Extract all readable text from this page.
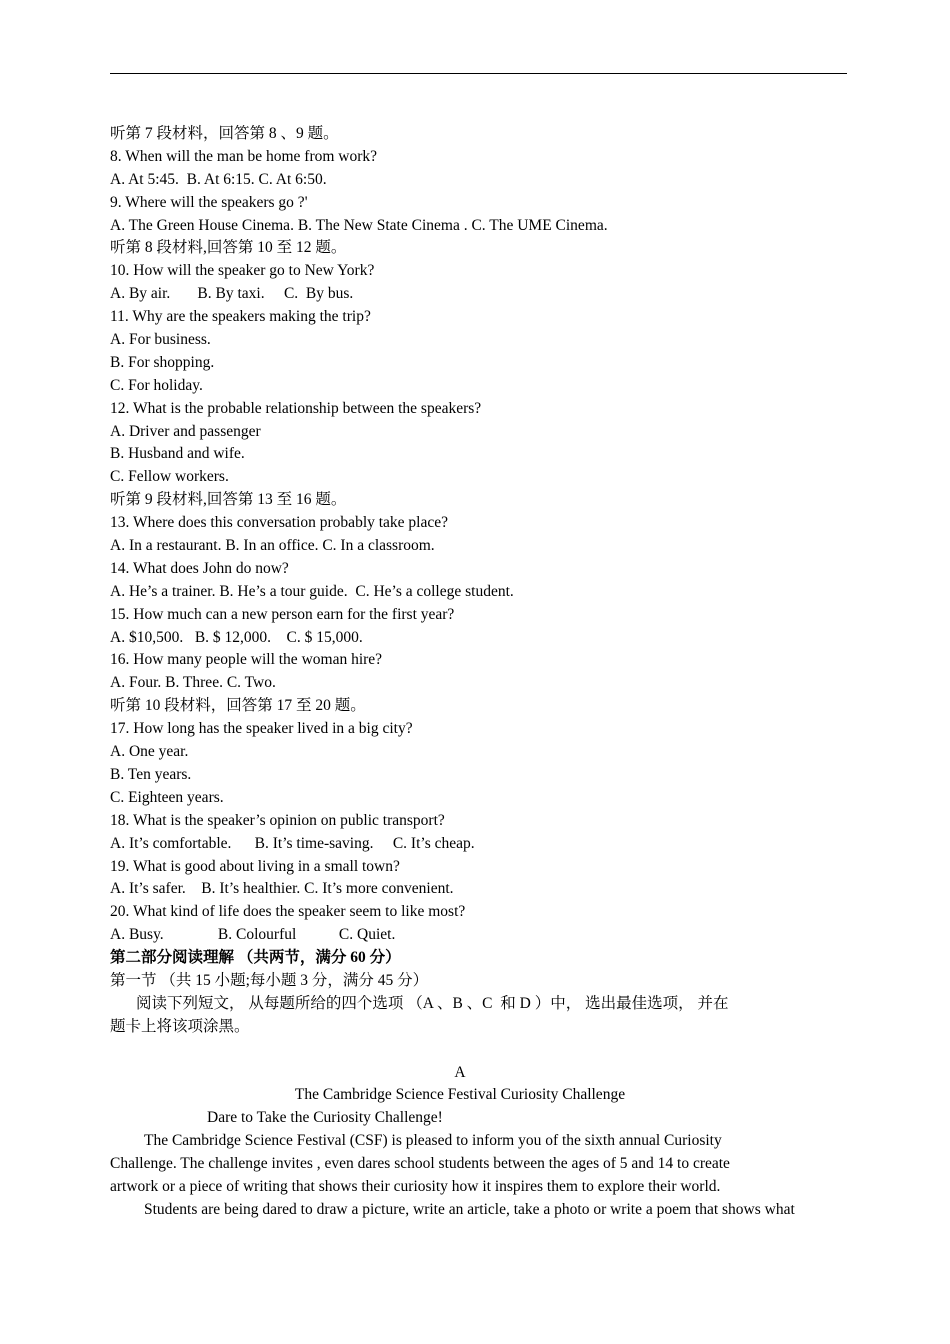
听第 7 段材料，回答第 8 、9 题。
8. When will the man be home from work?
A. At 5:45.  B. At 6:15. C. At 6:50.
9. Where will the speakers go ?'
A. The Green House Cinema. B. The New State Cinema . C. The UME Cinema.
听第 8 段材料,回答第 10 至 12 题。
10. How will the speaker go to New York?
A. By air.       B. By taxi.     C.  By bus.
11. Why are the speakers making the trip?
A. For business.
B. For shopping.
C. For holiday.
12. What is the probable relationship between the speakers?
A. Driver and passenger
B. Husband and wife.
C. Fellow workers.
听第 9 段材料,回答第 13 至 16 题。
13. Where does this conversation probably take place?
A. In a restaurant. B. In an office. C. In a classroom.
14. What does John do now?
A. He’s a trainer. B. He’s a tour guide.  C. He’s a college student.
15. How much can a new person earn for the first year?
A. $10,500.   B. $ 12,000.    C. $ 15,000.
16. How many people will the woman hire?
A. Four. B. Three. C. Two.
听第 10 段材料，回答第 17 至 20 题。
17. How long has the speaker lived in a big city?
A. One year.
B. Ten years.
C. Eighteen years.
18. What is the speaker’s opinion on public transport?
A. It’s comfortable.      B. It’s time-saving.     C. It’s cheap.
19. What is good about living in a small town?
A. It’s safer.    B. It’s healthier. C. It’s more convenient.
20. What kind of life does the speaker seem to like most?
A. Busy.              B. Colourful           C. Quiet.
第二部分阅读理解 （共两节，满分 60 分）
第一节 （共 15 小题;每小题 3 分，满分 45 分）
阅读下列短文， 从每题所给的四个选项 （A 、B 、C  和 D ）中， 选出最佳选项， 并在
题卡上将该项涂黑。
A
The Cambridge Science Festival Curiosity Challenge
Dare to Take the Curiosity Challenge!
The Cambridge Science Festival (CSF) is pleased to inform you of the sixth annual Curiosity
Challenge. The challenge invites , even dares school students between the ages of 5 and 14 to create
artwork or a piece of writing that shows their curiosity how it inspires them to explore their world.
Students are being dared to draw a picture, write an article, take a photo or write a poem that shows what
